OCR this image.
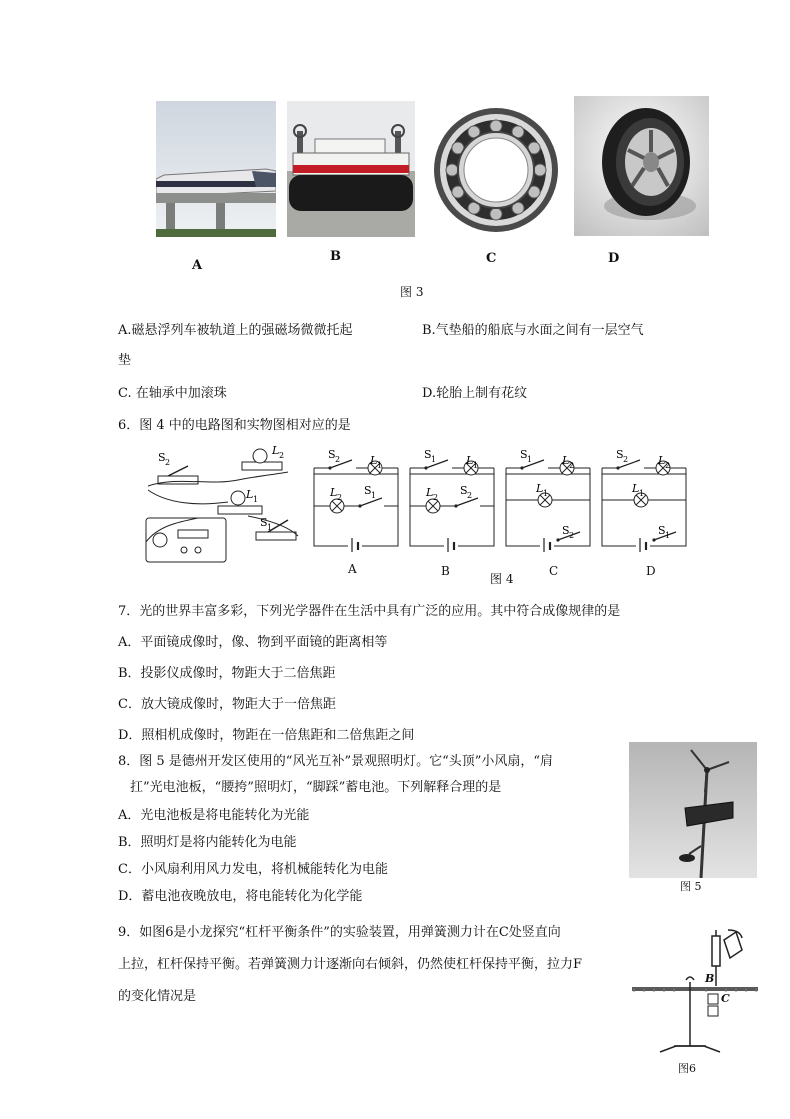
A
B	C	D
图 3
A.磁悬浮列车被轨道上的强磁场微微托起	B.气垫船的船底与水面之间有一层空气
垫
C. 在轴承中加滚珠	D.轮胎上制有花纹
6．图 4 中的电路图和实物图相对应的是
S 2
L 2
L 1
S 1
S 2	L 1
L 2
S 1
S 1	L 1
L 2
S 2
S 1	L 2
L 1
S 2
S 2	L 2
L 1
S 1
A	B	C	D
图 4
7．光的世界丰富多彩，下列光学器件在生活中具有广泛的应用。其中符合成像规律的是
A．平面镜成像时，像、物到平面镜的距离相等
B．投影仪成像时，物距大于二倍焦距
C．放大镜成像时，物距大于一倍焦距
D．照相机成像时，物距在一倍焦距和二倍焦距之间
8．图 5 是德州开发区使用的“风光互补”景观照明灯。它“头顶”小风扇，“肩
扛”光电池板，“腰挎”照明灯，“脚踩”蓄电池。下列解释合理的是
A．光电池板是将电能转化为光能
B．照明灯是将内能转化为电能
C．小风扇利用风力发电，将机械能转化为电能
D．蓄电池夜晚放电，将电能转化为化学能
图 5
9．如图6是小龙探究“杠杆平衡条件”的实验装置，用弹簧测力计在C处竖直向
上拉，杠杆保持平衡。若弹簧测力计逐渐向右倾斜，仍然使杠杆保持平衡，拉力F
的变化情况是
B
C
图6
